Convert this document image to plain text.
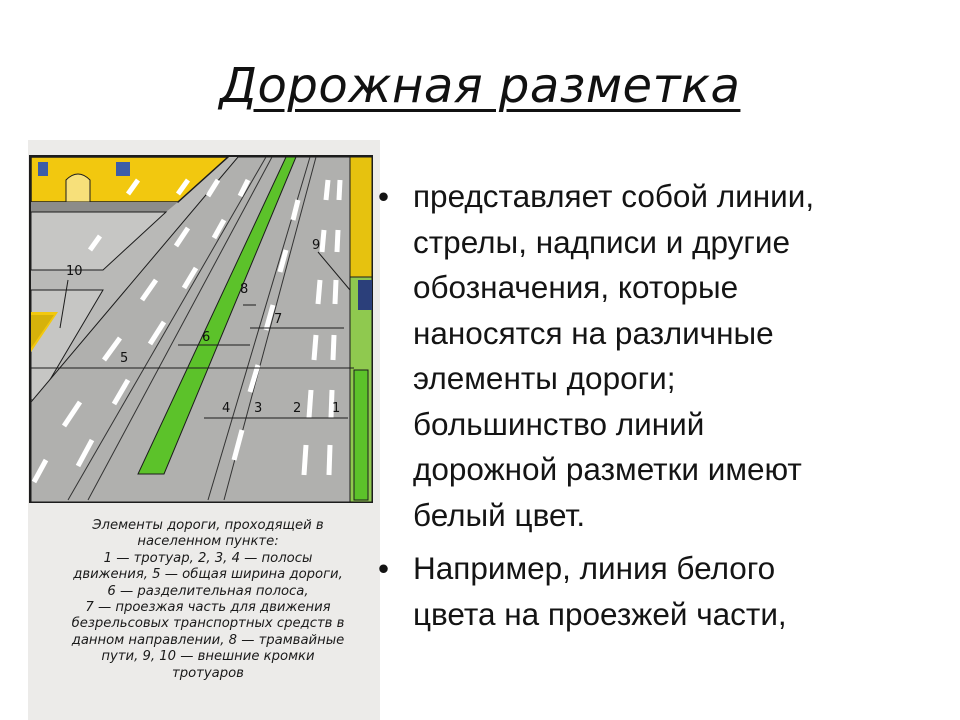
Дорожная разметка
1
2
3
4
5
6
7
8
9
10
Элементы дороги, проходящей в
населенном пункте:
1 — тротуар, 2, 3, 4 — полосы
движения, 5 — общая ширина дороги,
6 — разделительная полоса,
7 — проезжая часть для движения
безрельсовых транспортных средств в
данном направлении, 8 — трамвайные
пути, 9, 10 — внешние кромки
тротуаров
• представляет собой линии,
стрелы, надписи и другие
обозначения, которые
наносятся на различные
элементы дороги;
большинство линий
дорожной разметки имеют
белый цвет.
• Например, линия белого
цвета на проезжей части,
